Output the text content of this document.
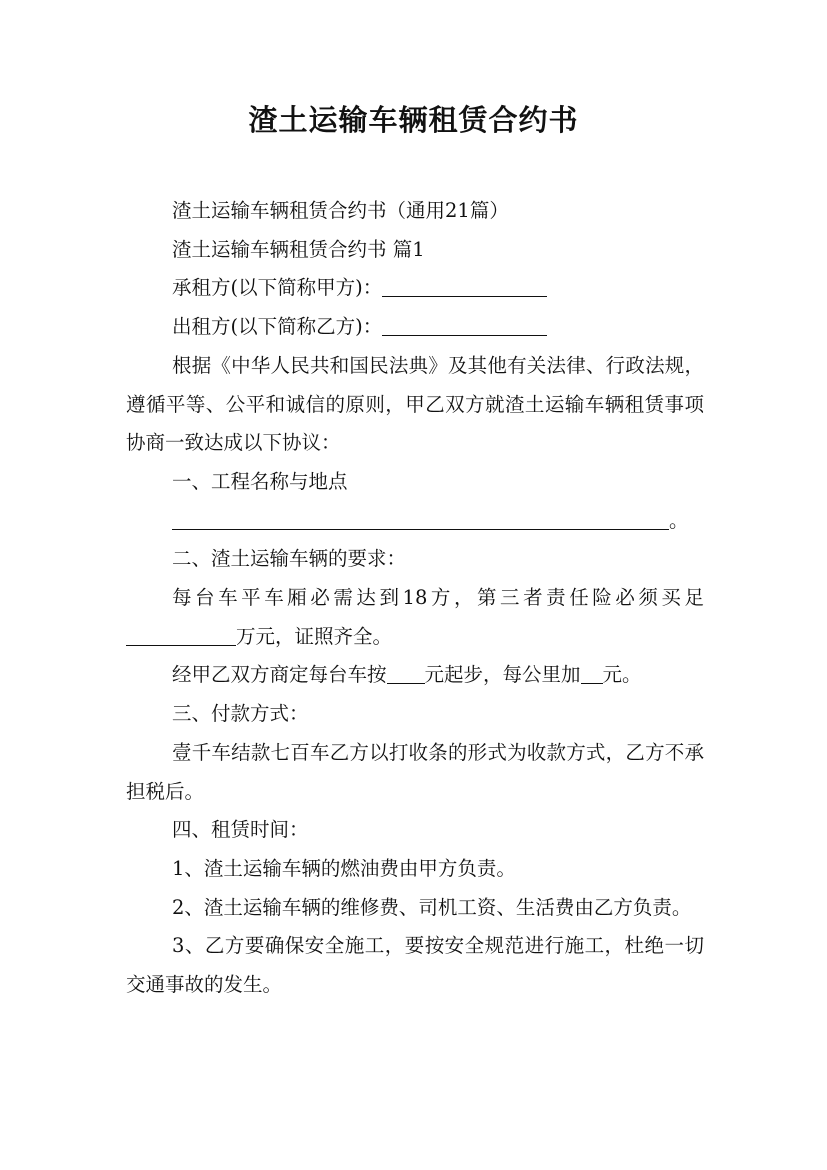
渣土运输车辆租赁合约书

渣土运输车辆租赁合约书（通用21篇）

渣土运输车辆租赁合约书 篇1

承租方(以下简称甲方)：

出租方(以下简称乙方)：

根据《中华人民共和国民法典》及其他有关法律、行政法规，遵循平等、公平和诚信的原则，甲乙双方就渣土运输车辆租赁事项协商一致达成以下协议：

一、工程名称与地点

。

二、渣土运输车辆的要求：

每台车平车厢必需达到18方，第三者责任险必须买足万元，证照齐全。

经甲乙双方商定每台车按 元起步，每公里加 元。

三、付款方式：

壹千车结款七百车乙方以打收条的形式为收款方式，乙方不承担税后。

四、租赁时间：

1、渣土运输车辆的燃油费由甲方负责。

2、渣土运输车辆的维修费、司机工资、生活费由乙方负责。

3、乙方要确保安全施工，要按安全规范进行施工，杜绝一切交通事故的发生。
